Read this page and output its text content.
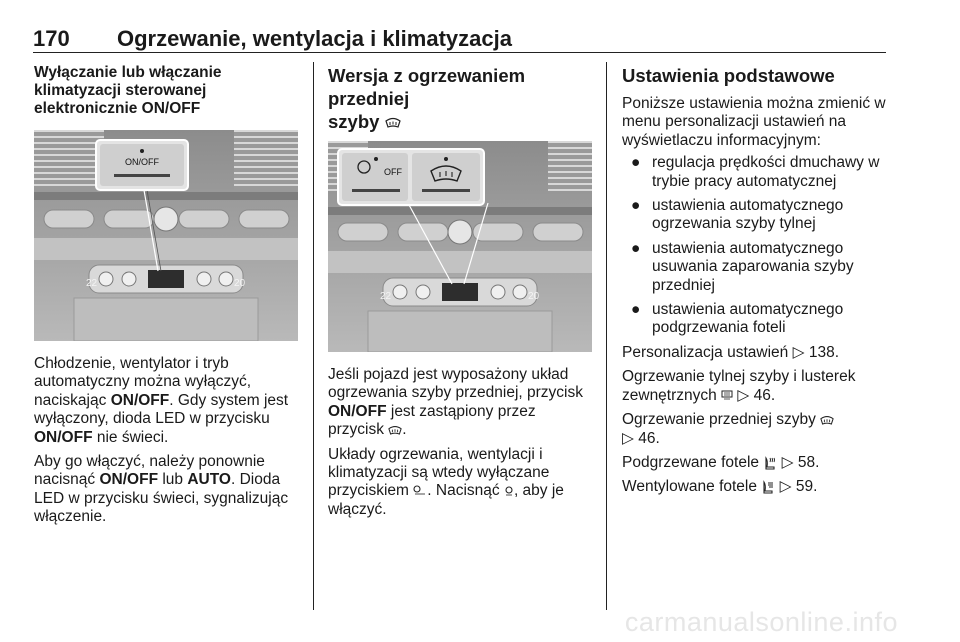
170 Ogrzewanie, wentylacja i klimatyzacja
Wyłączanie lub włączanie
klimatyzacji sterowanej
elektronicznie ON/OFF
ON/OFF
22	20

Chłodzenie, wentylator i tryb automatyczny można wyłączyć, naciskając ON/OFF. Gdy system jest wyłączony, dioda LED w przycisku ON/OFF nie świeci.

Aby go włączyć, należy ponownie nacisnąć ON/OFF lub AUTO. Dioda LED w przycisku świeci, sygnalizując włączenie.

Wersja z ogrzewaniem przedniej
szyby
OFF
22	20

Jeśli pojazd jest wyposażony układ ogrzewania szyby przedniej, przycisk ON/OFF jest zastąpiony przez przycisk .

Układy ogrzewania, wentylacji i klimatyzacji są wtedy wyłączane przyciskiem . Nacisnąć , aby je włączyć.

Ustawienia podstawowe

Poniższe ustawienia można zmienić w menu personalizacji ustawień na wyświetlaczu informacyjnym:

● regulacja prędkości dmuchawy w trybie pracy automatycznej
● ustawienia automatycznego ogrzewania szyby tylnej
● ustawienia automatycznego usuwania zaparowania szyby przedniej
● ustawienia automatycznego podgrzewania foteli

Personalizacja ustawień ▷ 138.

Ogrzewanie tylnej szyby i lusterek zewnętrznych ▷ 46.

Ogrzewanie przedniej szyby
▷ 46.

Podgrzewane fotele ▷ 58.

Wentylowane fotele ▷ 59.

carmanualsonline.info
